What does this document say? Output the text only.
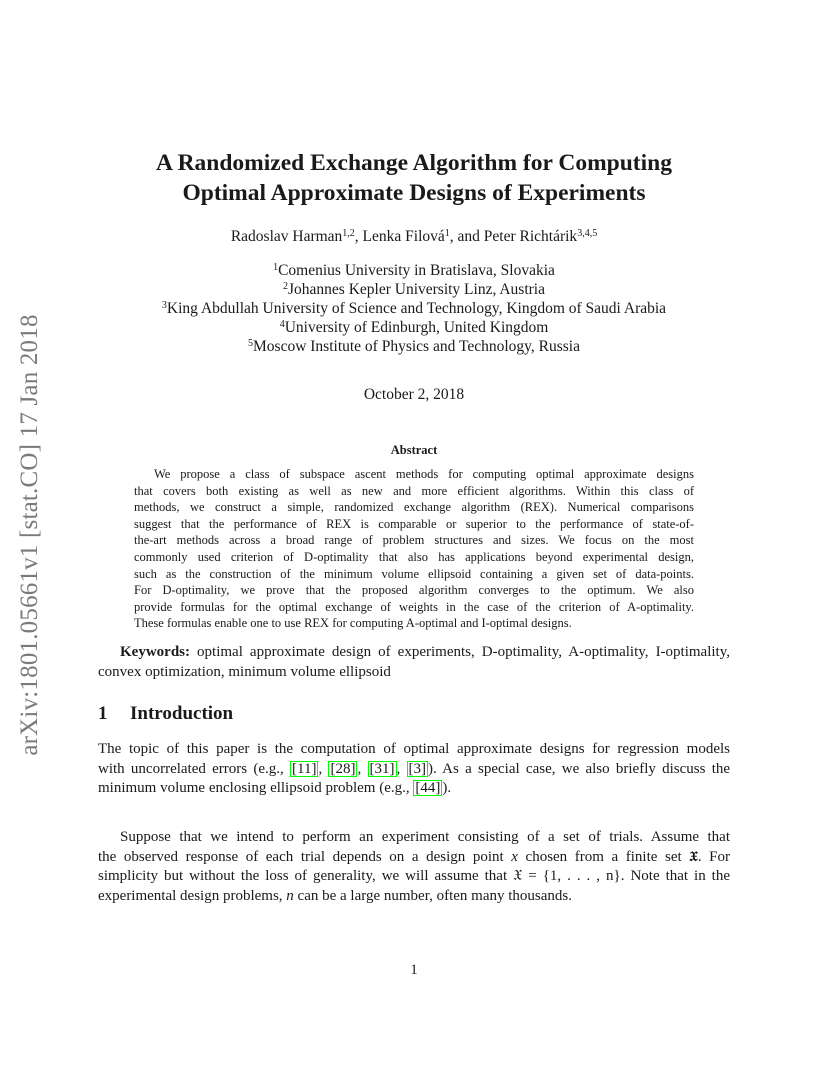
arXiv:1801.05661v1 [stat.CO] 17 Jan 2018
A Randomized Exchange Algorithm for Computing
Optimal Approximate Designs of Experiments
Radoslav Harman$^{1,2}$, Lenka Filová$^1$, and Peter Richtárik$^{3,4,5}$
$^1$Comenius University in Bratislava, Slovakia
$^2$Johannes Kepler University Linz, Austria
$^3$King Abdullah University of Science and Technology, Kingdom of Saudi Arabia
$^4$University of Edinburgh, United Kingdom
$^5$Moscow Institute of Physics and Technology, Russia
October 2, 2018
Abstract
We propose a class of subspace ascent methods for computing optimal approximate designs
that covers both existing as well as new and more efficient algorithms. Within this class of
methods, we construct a simple, randomized exchange algorithm (REX). Numerical comparisons
suggest that the performance of REX is comparable or superior to the performance of state-of-
the-art methods across a broad range of problem structures and sizes. We focus on the most
commonly used criterion of D-optimality that also has applications beyond experimental design,
such as the construction of the minimum volume ellipsoid containing a given set of data-points.
For D-optimality, we prove that the proposed algorithm converges to the optimum. We also
provide formulas for the optimal exchange of weights in the case of the criterion of A-optimality.
These formulas enable one to use REX for computing A-optimal and I-optimal designs.
Keywords: optimal approximate design of experiments, D-optimality, A-optimality, I-optimality,
convex optimization, minimum volume ellipsoid
1 Introduction
The topic of this paper is the computation of optimal approximate designs for regression models
with uncorrelated errors (e.g., [11] , [28] , [31] , [3] ). As a special case, we also briefly discuss the
minimum volume enclosing ellipsoid problem (e.g., [44] ).
Suppose that we intend to perform an experiment consisting of a set of trials. Assume that
the observed response of each trial depends on a design point x chosen from a finite set 𝔛. For
simplicity but without the loss of generality, we will assume that 𝔛 = {1, . . . , n}. Note that in the
experimental design problems, n can be a large number, often many thousands.
1
